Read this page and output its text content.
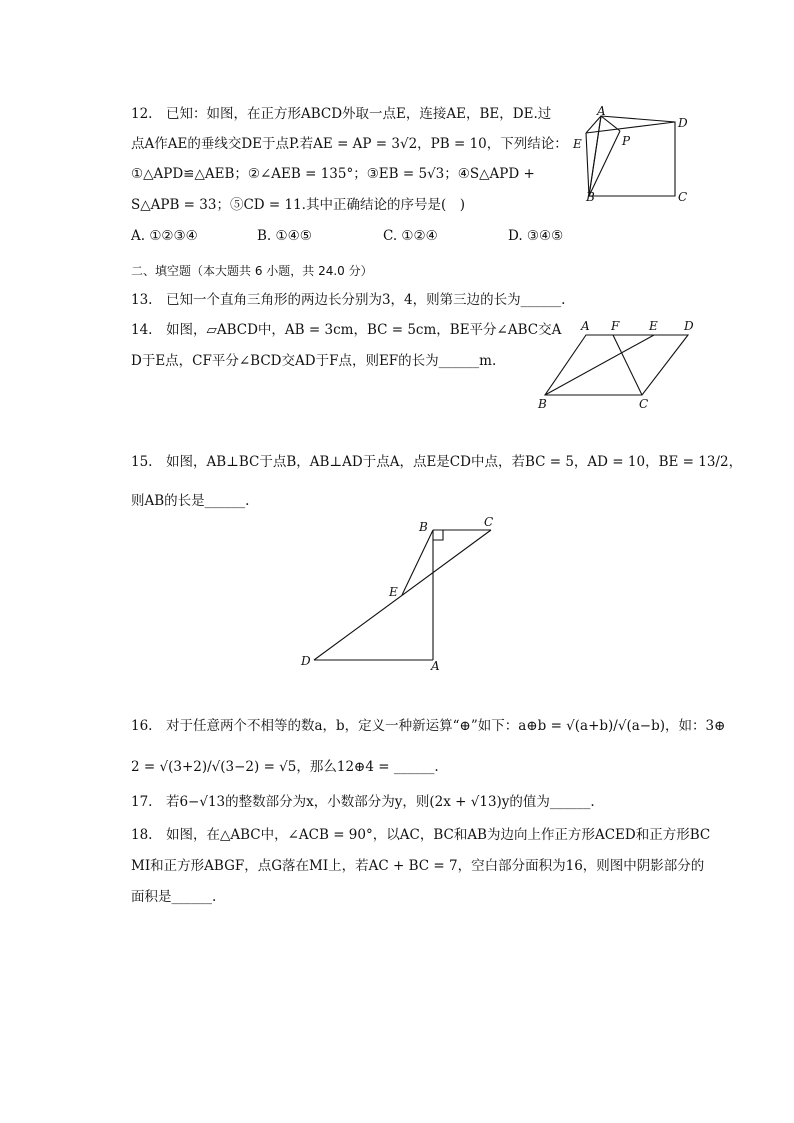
12.　已知：如图，在正方形ABCD外取一点E，连接AE，BE，DE.过
点A作AE的垂线交DE于点P.若AE = AP = 3√2，PB = 10，下列结论：
①△APD≌△AEB；②∠AEB = 135°；③EB = 5√3；④S△APD +
S△APB = 33；⑤CD = 11.其中正确结论的序号是(　)
A. ①②③④	B. ①④⑤	C. ①②④	D. ③④⑤
A
D
E	P
B	C
二、填空题（本大题共 6 小题，共 24.0 分）
13.　已知一个直角三角形的两边长分别为3，4，则第三边的长为______.
14.　如图，▱ABCD中，AB = 3cm，BC = 5cm，BE平分∠ABC交A
D于E点，CF平分∠BCD交AD于F点，则EF的长为______m.
A F E D
B	C
15.　如图，AB⊥BC于点B，AB⊥AD于点A，点E是CD中点，若BC = 5，AD = 10，BE = 13/2，
则AB的长是______.
B	C
E
D	A
16.　对于任意两个不相等的数a，b，定义一种新运算“⊕”如下：a⊕b = √(a+b)/√(a−b)，如：3⊕
2 = √(3+2)/√(3−2) = √5，那么12⊕4 = ______.
17.　若6−√13的整数部分为x，小数部分为y，则(2x + √13)y的值为______.
18.　如图，在△ABC中，∠ACB = 90°，以AC，BC和AB为边向上作正方形ACED和正方形BC
MI和正方形ABGF，点G落在MI上，若AC + BC = 7，空白部分面积为16，则图中阴影部分的
面积是______.
